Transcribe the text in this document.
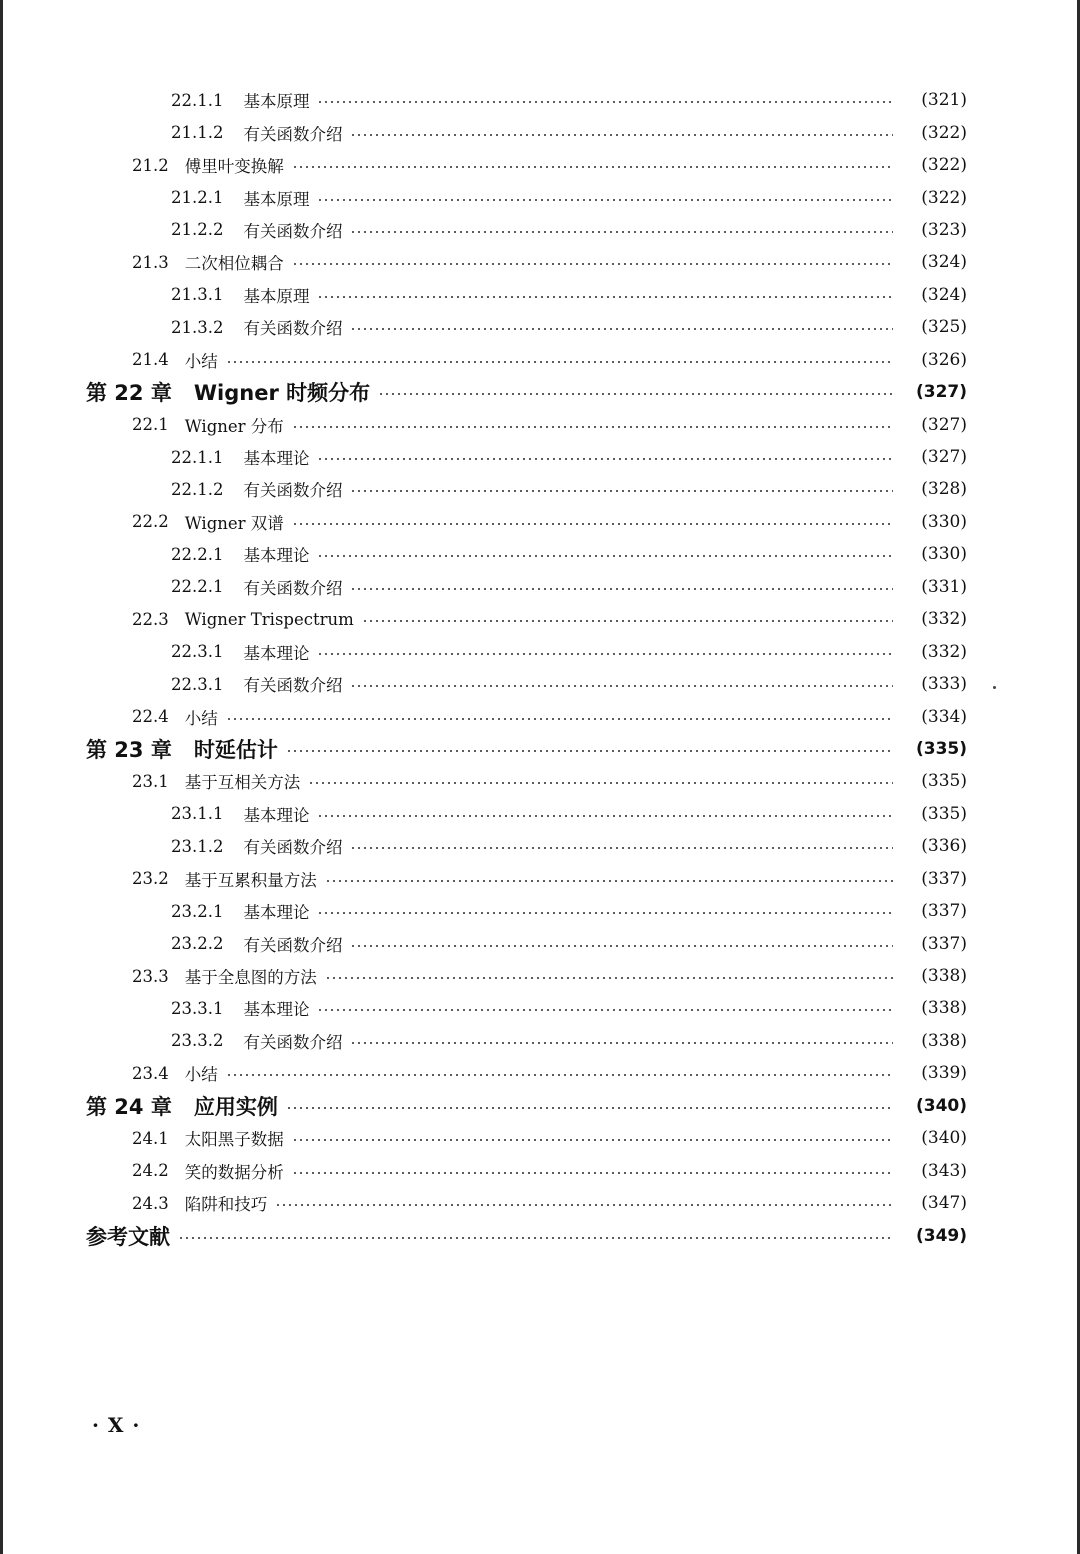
22.1.1 基本原理	(321)
21.1.2 有关函数介绍	(322)
21.2 傅里叶变换解	(322)
21.2.1 基本原理	(322)
21.2.2 有关函数介绍	(323)
21.3 二次相位耦合	(324)
21.3.1 基本原理	(324)
21.3.2 有关函数介绍	(325)
21.4 小结	(326)
第 22 章 Wigner 时频分布	(327)
22.1 Wigner 分布	(327)
22.1.1 基本理论	(327)
22.1.2 有关函数介绍	(328)
22.2 Wigner 双谱	(330)
22.2.1 基本理论	(330)
22.2.1 有关函数介绍	(331)
22.3 Wigner Trispectrum	(332)
22.3.1 基本理论	(332)
22.3.1 有关函数介绍	(333)
22.4 小结	(334)
第 23 章 时延估计	(335)
23.1 基于互相关方法	(335)
23.1.1 基本理论	(335)
23.1.2 有关函数介绍	(336)
23.2 基于互累积量方法	(337)
23.2.1 基本理论	(337)
23.2.2 有关函数介绍	(337)
23.3 基于全息图的方法	(338)
23.3.1 基本理论	(338)
23.3.2 有关函数介绍	(338)
23.4 小结	(339)
第 24 章 应用实例	(340)
24.1 太阳黑子数据	(340)
24.2 笑的数据分析	(343)
24.3 陷阱和技巧	(347)
参考文献	(349)
· X ·
